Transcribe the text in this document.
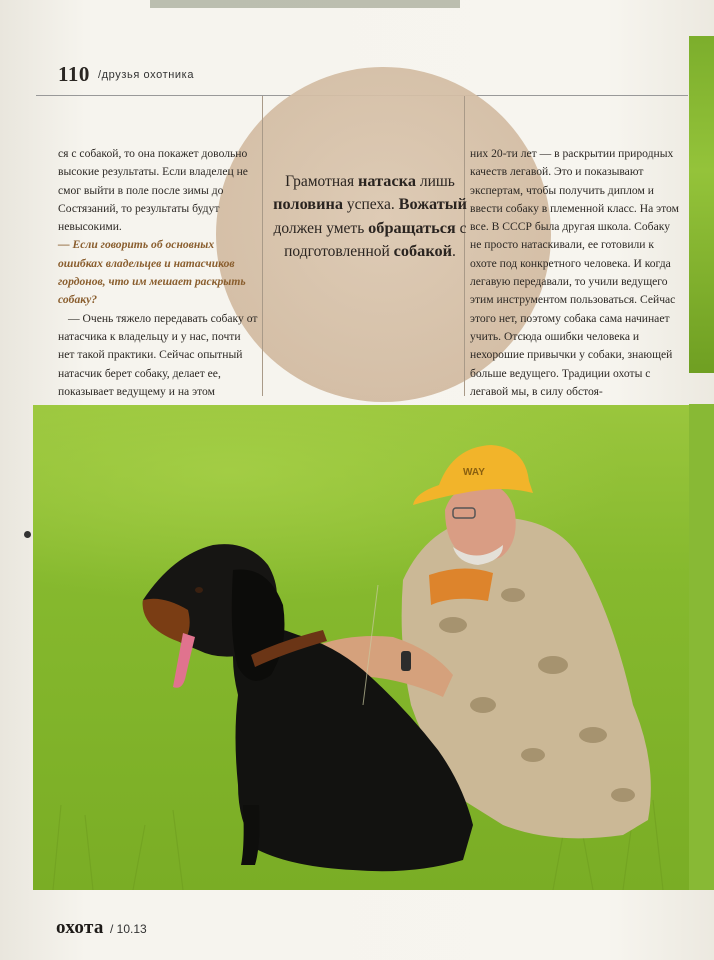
110 /друзья охотника

ся с собакой, то она покажет довольно высокие результаты. Если владелец не смог выйти в поле после зимы до Состязаний, то результаты будут невысокими.

— Если говорить об основных ошибках владельцев и натасчиков гордонов, что им мешает раскрыть собаку?

— Очень тяжело передавать собаку от натасчика к владельцу и у нас, почти нет такой практики. Сейчас опытный натасчик берет собаку, делает ее, показывает ведущему и на этом

Грамотная натаска лишь половина успеха. Вожатый должен уметь обращаться с подготовленной собакой.

них 20-ти лет — в раскрытии природных качеств легавой. Это и показывают экспертам, чтобы получить диплом и ввести собаку в племенной класс. На этом все. В СССР была другая школа. Собаку не просто натаскивали, ее готовили к охоте под конкретного человека. И когда легавую передавали, то учили ведущего этим инструментом пользоваться. Сейчас этого нет, поэтому собака сама начинает учить. Отсюда ошибки человека и нехорошие привычки у собаки, знающей больше ведущего. Традиции охоты с легавой мы, в силу обстоя-

WAY
охота / 10.13
